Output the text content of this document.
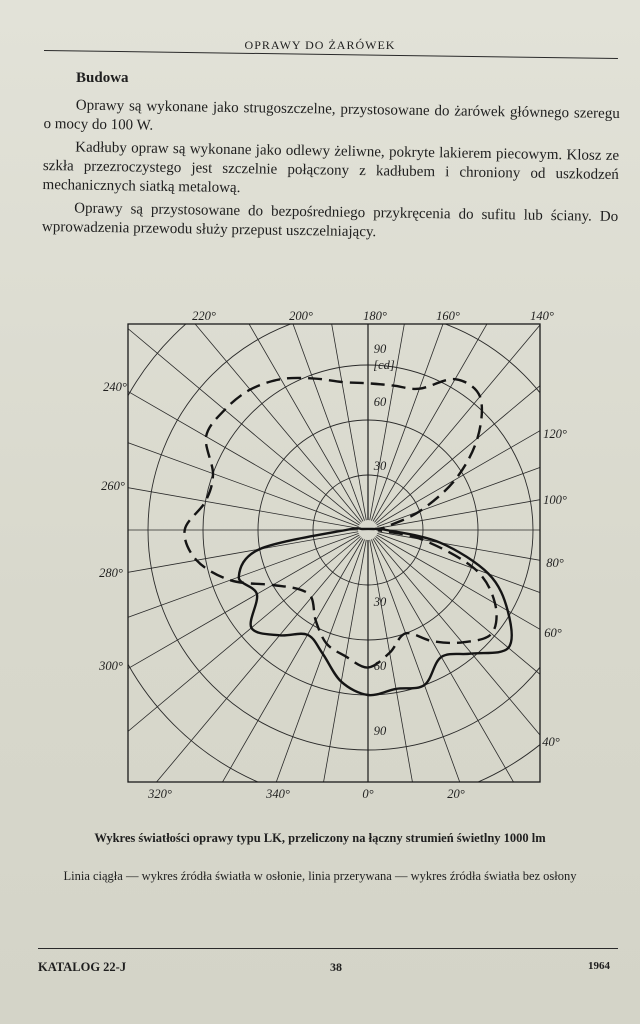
OPRAWY DO ŻARÓWEK
Budowa

Oprawy są wykonane jako strugoszczelne, przystosowane do żarówek głównego szeregu o mocy do 100 W.

Kadłuby opraw są wykonane jako odlewy żeliwne, pokryte lakierem piecowym. Klosz ze szkła przezroczystego jest szczelnie połączony z kadłubem i chroniony od uszkodzeń mechanicznych siatką metalową.

Oprawy są przystosowane do bezpośredniego przykręcenia do sufitu lub ściany. Do wprowadzenia przewodu służy przepust uszczelniający.

220°	200°	180°	160°	140°
120°
100°
80°
60°
40°
20°
0°
340°
320°
300°
280°
260°
240°
60
30
90
30
60
90
[cd]
Wykres światłości oprawy typu LK, przeliczony na łączny strumień świetlny 1000 lm
Linia ciągła — wykres źródła światła w osłonie, linia przerywana — wykres źródła światła bez osłony
KATALOG 22-J	38	1964
